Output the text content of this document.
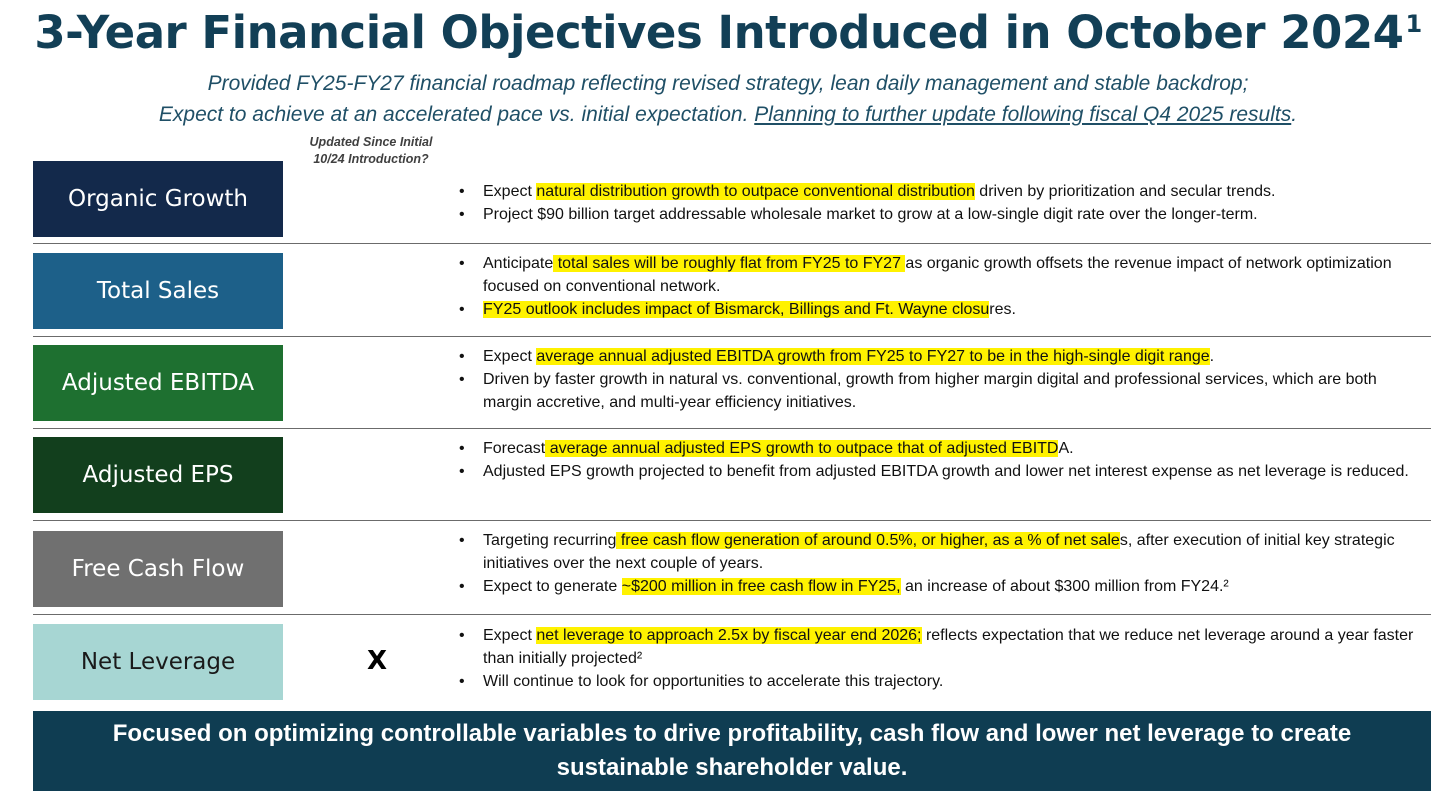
3-Year Financial Objectives Introduced in October 2024$^1$
Provided FY25-FY27 financial roadmap reflecting revised strategy, lean daily management and stable backdrop;
Expect to achieve at an accelerated pace vs. initial expectation. Planning to further update following fiscal Q4 2025 results.
Updated Since Initial
10/24 Introduction?
Organic Growth	• Expect natural distribution growth to outpace conventional distribution driven by prioritization and secular trends.
• Project $90 billion target addressable wholesale market to grow at a low-single digit rate over the longer-term.
Total Sales
• Anticipate total sales will be roughly flat from FY25 to FY27 as organic growth offsets the revenue impact of network optimization focused on conventional network.
• FY25 outlook includes impact of Bismarck, Billings and Ft. Wayne closures.
Adjusted EBITDA
• Expect average annual adjusted EBITDA growth from FY25 to FY27 to be in the high-single digit range.
• Driven by faster growth in natural vs. conventional, growth from higher margin digital and professional services, which are both margin accretive, and multi-year efficiency initiatives.
Adjusted EPS
• Forecast average annual adjusted EPS growth to outpace that of adjusted EBITDA.
• Adjusted EPS growth projected to benefit from adjusted EBITDA growth and lower net interest expense as net leverage is reduced.
Free Cash Flow
• Targeting recurring free cash flow generation of around 0.5%, or higher, as a % of net sales, after execution of initial key strategic initiatives over the next couple of years.
• Expect to generate ~$200 million in free cash flow in FY25, an increase of about $300 million from FY24.²
Net Leverage	X
• Expect net leverage to approach 2.5x by fiscal year end 2026; reflects expectation that we reduce net leverage around a year faster than initially projected²
• Will continue to look for opportunities to accelerate this trajectory.
Focused on optimizing controllable variables to drive profitability, cash flow and lower net leverage to create sustainable shareholder value.
